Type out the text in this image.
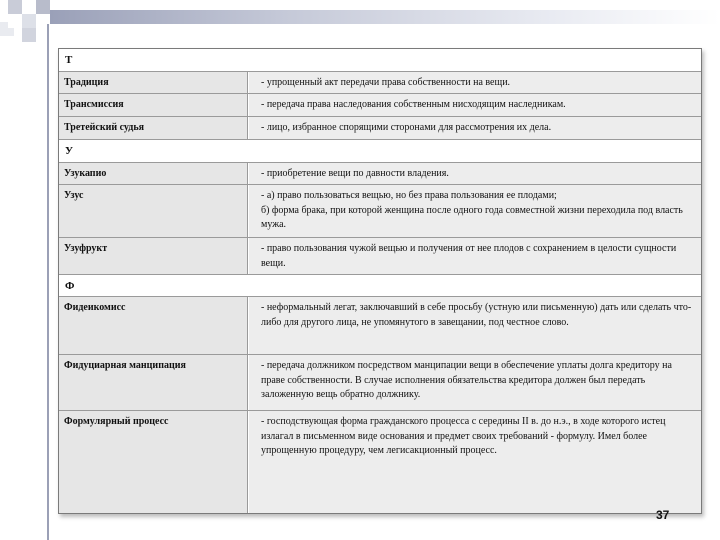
Т
Традиция	- упрощенный акт передачи права собственности на вещи.
Трансмиссия	- передача права наследования собственным нисходящим наследникам.
Третейский судья	- лицо, избранное спорящими сторонами для рассмотрения их дела.
У
Узукапио	- приобретение вещи по давности владения.
Узус	- а) право пользоваться вещью, но без права пользования ее плодами;
б) форма брака, при которой женщина после одного года совместной жизни переходила под власть мужа.
Узуфрукт	- право пользования чужой вещью и получения от нее плодов с сохранением в целости сущности вещи.
Ф
Фидеикомисс	- неформальный легат, заключавший в себе просьбу (устную или письменную) дать или сделать что-либо для другого лица, не упомянутого в завещании, под честное слово.
Фидуциарная манципация	- передача должником посредством манципации вещи в обеспечение уплаты долга кредитору на праве собственности. В случае исполнения обязательства кредитора должен был передать заложенную вещь обратно должнику.
Формулярный процесс	- господствующая форма гражданского процесса с середины II в. до н.э., в ходе которого истец излагал в письменном виде основания и предмет своих требований - формулу. Имел более упрощенную процедуру, чем легисакционный процесс.
37
